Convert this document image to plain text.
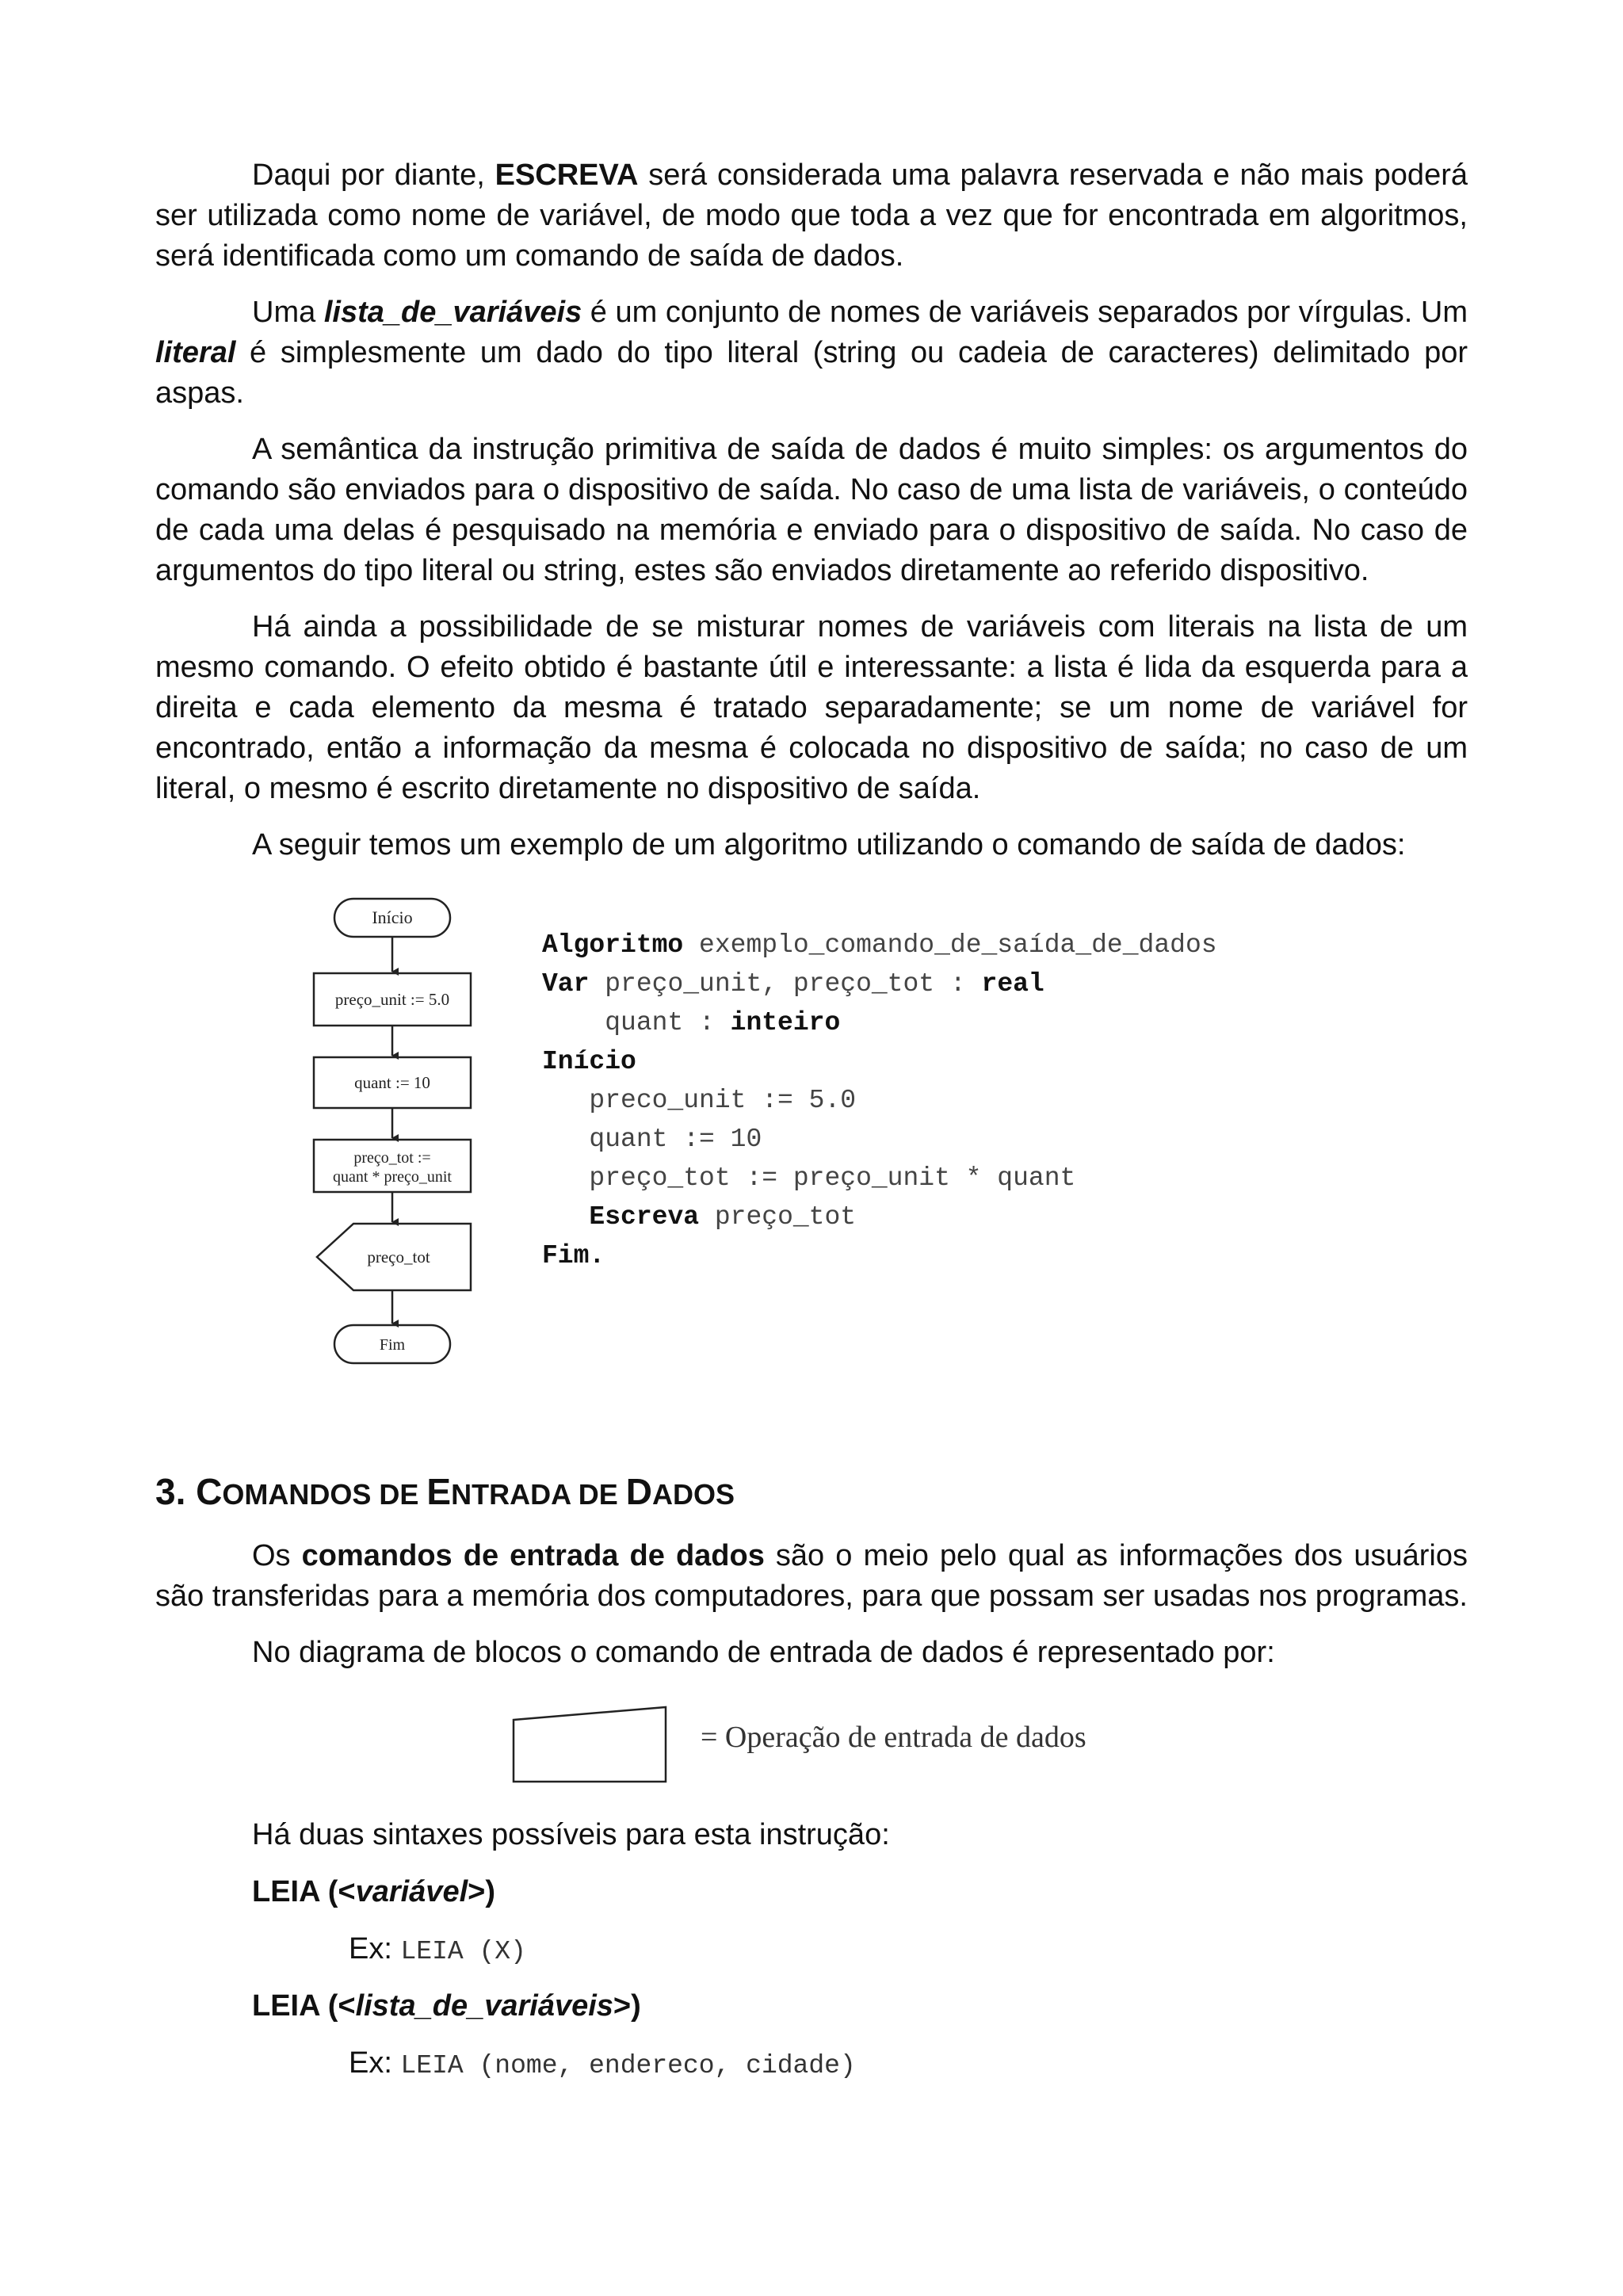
Daqui por diante, ESCREVA será considerada uma palavra reservada e não mais poderá ser utilizada como nome de variável, de modo que toda a vez que for encontrada em algoritmos, será identificada como um comando de saída de dados.

Uma lista_de_variáveis é um conjunto de nomes de variáveis separados por vírgulas. Um literal é simplesmente um dado do tipo literal (string ou cadeia de caracteres) delimitado por aspas.

A semântica da instrução primitiva de saída de dados é muito simples: os argumentos do comando são enviados para o dispositivo de saída. No caso de uma lista de variáveis, o conteúdo de cada uma delas é pesquisado na memória e enviado para o dispositivo de saída. No caso de argumentos do tipo literal ou string, estes são enviados diretamente ao referido dispositivo.

Há ainda a possibilidade de se misturar nomes de variáveis com literais na lista de um mesmo comando. O efeito obtido é bastante útil e interessante: a lista é lida da esquerda para a direita e cada elemento da mesma é tratado separadamente; se um nome de variável for encontrado, então a informação da mesma é colocada no dispositivo de saída; no caso de um literal, o mesmo é escrito diretamente no dispositivo de saída.

A seguir temos um exemplo de um algoritmo utilizando o comando de saída de dados:

Início
preço_unit := 5.0
quant := 10
preço_tot :=
quant * preço_unit
preço_tot
Fim
Algoritmo exemplo_comando_de_saída_de_dados
Var preço_unit, preço_tot : real
quant : inteiro
Início
preco_unit := 5.0
quant := 10
preço_tot := preço_unit * quant
Escreva preço_tot
Fim.
3. COMANDOS DE ENTRADA DE DADOS

Os comandos de entrada de dados são o meio pelo qual as informações dos usuários são transferidas para a memória dos computadores, para que possam ser usadas nos programas.

No diagrama de blocos o comando de entrada de dados é representado por:

= Operação de entrada de dados

Há duas sintaxes possíveis para esta instrução:

LEIA (<variável>)

Ex: LEIA (X)

LEIA (<lista_de_variáveis>)

Ex: LEIA (nome, endereco, cidade)
